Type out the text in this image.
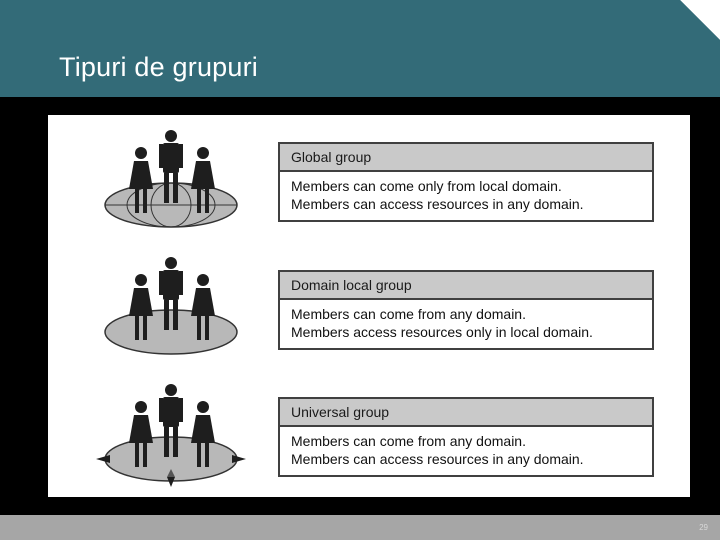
Tipuri de grupuri
Global group
Members can come only from local domain.
Members can access resources in any domain.
Domain local group
Members can come from any domain.
Members access resources only in local domain.
Universal group
Members can come from any domain.
Members can access resources in any domain.
29
